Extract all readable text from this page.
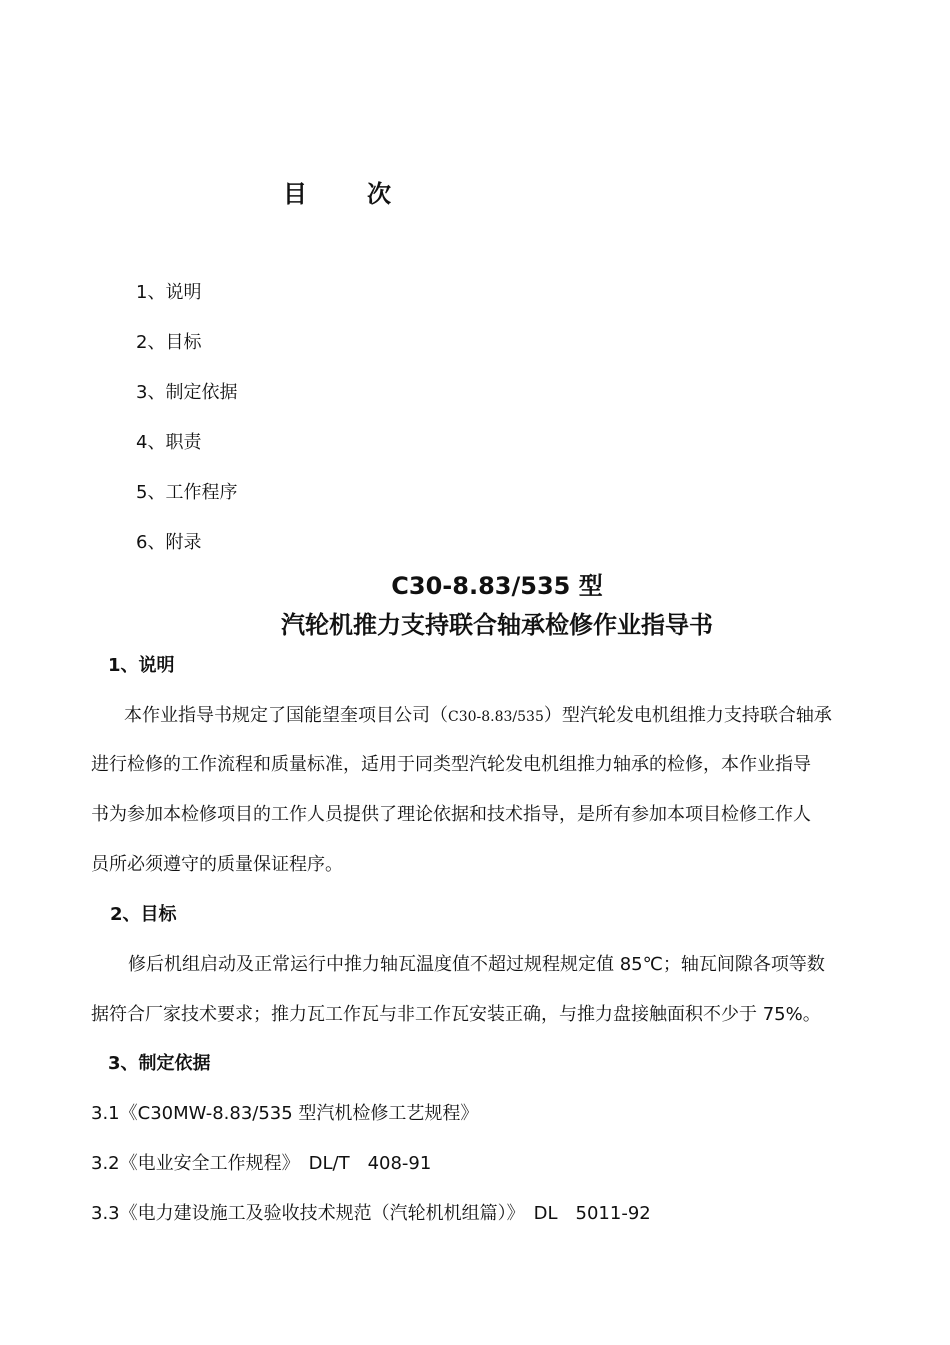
目	次
1、说明
2、目标
3、制定依据
4、职责
5、工作程序
6、附录
C30-8.83/535 型
汽轮机推力支持联合轴承检修作业指导书
1、说明
本作业指导书规定了国能望奎项目公司（C30-8.83/535）型汽轮发电机组推力支持联合轴承
进行检修的工作流程和质量标准，适用于同类型汽轮发电机组推力轴承的检修，本作业指导
书为参加本检修项目的工作人员提供了理论依据和技术指导，是所有参加本项目检修工作人
员所必须遵守的质量保证程序。
2、目标
修后机组启动及正常运行中推力轴瓦温度值不超过规程规定值 85℃；轴瓦间隙各项等数
据符合厂家技术要求；推力瓦工作瓦与非工作瓦安装正确，与推力盘接触面积不少于 75%。
3、制定依据
3.1《C30MW-8.83/535 型汽机检修工艺规程》
3.2《电业安全工作规程》　DL/T　408-91
3.3《电力建设施工及验收技术规范（汽轮机机组篇）》　DL　5011-92
